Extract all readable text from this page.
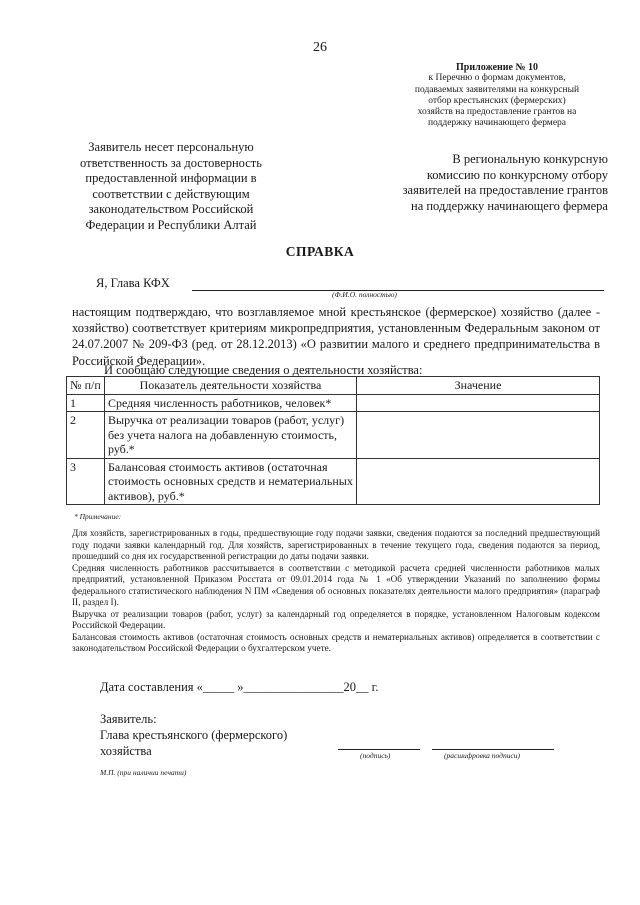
26
Приложение № 10
к Перечню о формам документов,
подаваемых заявителями на конкурсный
отбор крестьянских (фермерских)
хозяйств на предоставление грантов на
поддержку начинающего фермера
Заявитель несет персональную
ответственность за достоверность
предоставленной информации в
соответствии с действующим
законодательством Российской
Федерации и Республики Алтай
В региональную конкурсную
комиссию по конкурсному отбору
заявителей на предоставление грантов
на поддержку начинающего фермера
СПРАВКА
Я, Глава КФХ
(Ф.И.О. полностью)
настоящим подтверждаю, что возглавляемое мной крестьянское (фермерское) хозяйство (далее - хозяйство) соответствует критериям микропредприятия, установленным Федеральным законом от 24.07.2007 № 209-ФЗ (ред. от 28.12.2013) «О развитии малого и среднего предпринимательства в Российской Федерации».
И сообщаю следующие сведения о деятельности хозяйства:
№ п/п	Показатель деятельности хозяйства	Значение
1	Средняя численность работников, человек*	
2	Выручка от реализации товаров (работ, услуг) без учета налога на добавленную стоимость, руб.*	
3	Балансовая стоимость активов (остаточная стоимость основных средств и нематериальных активов), руб.*	
* Примечание:

Для хозяйств, зарегистрированных в годы, предшествующие году подачи заявки, сведения подаются за последний предшествующий году подачи заявки календарный год. Для хозяйств, зарегистрированных в течение текущего года, сведения подаются за период, прошедший со дня их государственной регистрации до даты подачи заявки.

Средняя численность работников рассчитывается в соответствии с методикой расчета средней численности работников малых предприятий, установленной Приказом Росстата от 09.01.2014 года № 1 «Об утверждении Указаний по заполнению формы федерального статистического наблюдения N ПМ «Сведения об основных показателях деятельности малого предприятия» (параграф II, раздел I).

Выручка от реализации товаров (работ, услуг) за календарный год определяется в порядке, установленном Налоговым кодексом Российской Федерации.

Балансовая стоимость активов (остаточная стоимость основных средств и нематериальных активов) определяется в соответствии с законодательством Российской Федерации о бухгалтерском учете.

Дата составления «_____ »________________20__ г.
Заявитель:
Глава крестьянского (фермерского)
хозяйства	(подпись)	(расшифровка подписи)
М.П. (при наличии печати)
